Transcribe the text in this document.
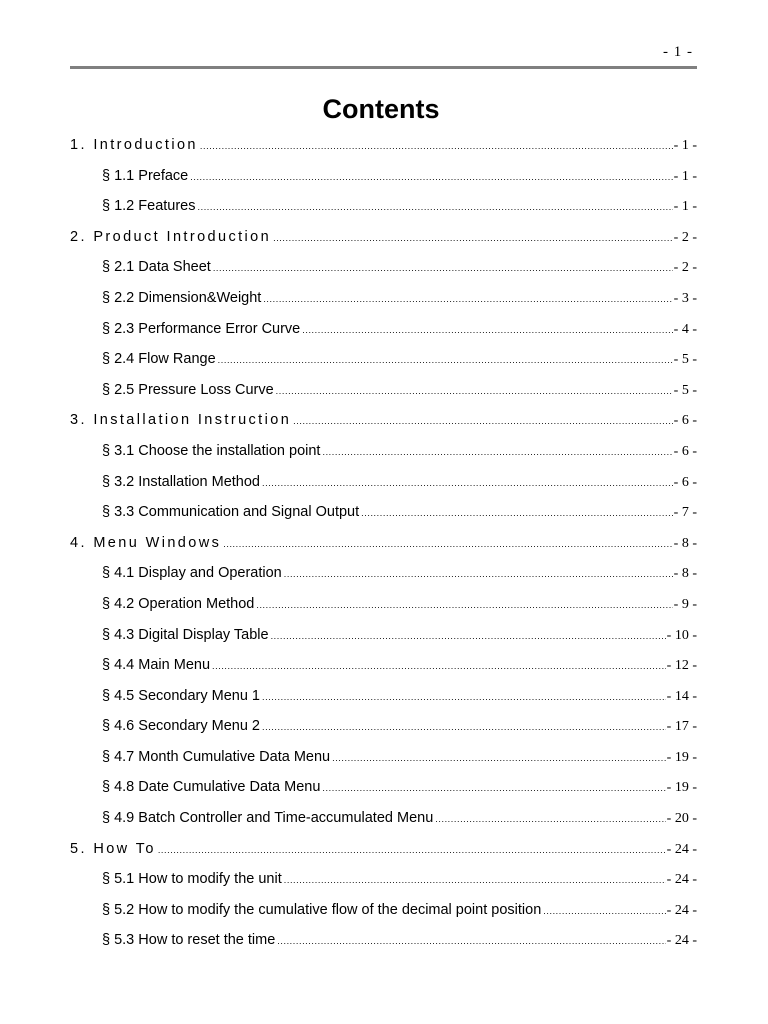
- 1 -
Contents
1. Introduction .....	- 1 -
§ 1.1 Preface .....	- 1 -
§ 1.2 Features .....	- 1 -
2. Product Introduction .....	- 2 -
§ 2.1 Data Sheet .....	- 2 -
§ 2.2 Dimension&Weight .....	- 3 -
§ 2.3 Performance Error Curve .....	- 4 -
§ 2.4 Flow Range .....	- 5 -
§ 2.5 Pressure Loss Curve .....	- 5 -
3. Installation Instruction .....	- 6 -
§ 3.1 Choose the installation point .....	- 6 -
§ 3.2 Installation Method .....	- 6 -
§ 3.3 Communication and Signal Output .....	- 7 -
4. Menu Windows .....	- 8 -
§ 4.1 Display and Operation .....	- 8 -
§ 4.2 Operation Method .....	- 9 -
§ 4.3 Digital Display Table .....	- 10 -
§ 4.4 Main Menu .....	- 12 -
§ 4.5 Secondary Menu 1 .....	- 14 -
§ 4.6 Secondary Menu 2 .....	- 17 -
§ 4.7 Month Cumulative Data Menu .....	- 19 -
§ 4.8 Date Cumulative Data Menu .....	- 19 -
§ 4.9 Batch Controller and Time-accumulated Menu .....	- 20 -
5. How To .....	- 24 -
§ 5.1 How to modify the unit .....	- 24 -
§ 5.2 How to modify the cumulative flow of the decimal point position .....	- 24 -
§ 5.3 How to reset the time .....	- 24 -
